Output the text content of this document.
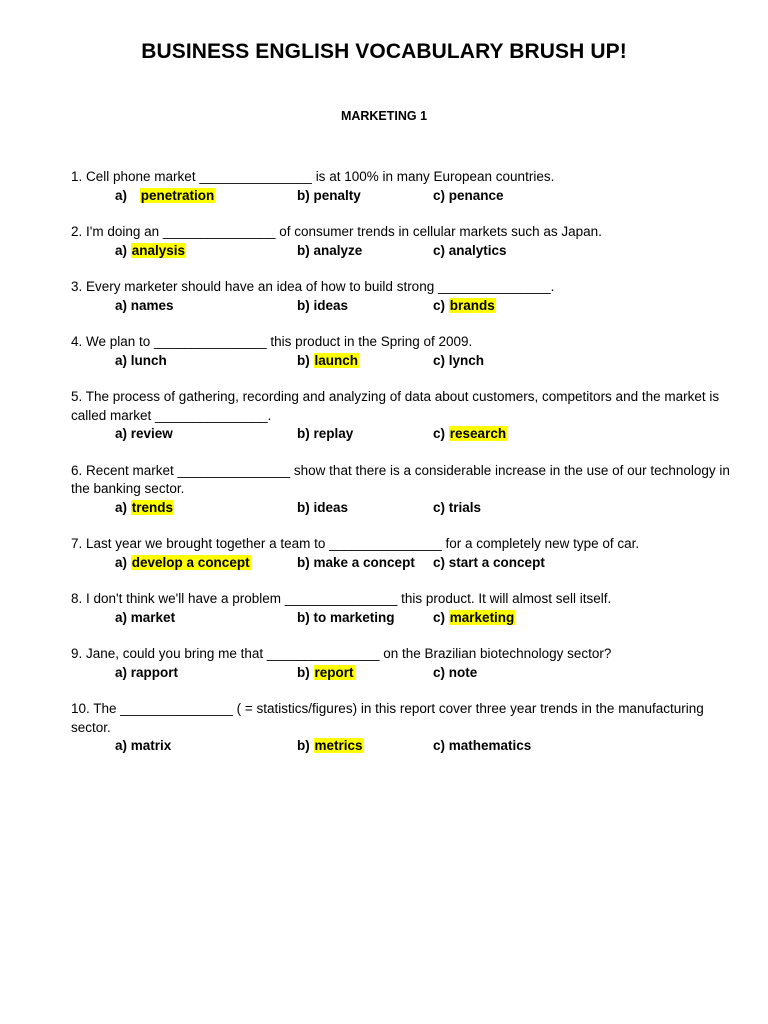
BUSINESS ENGLISH VOCABULARY BRUSH UP!
MARKETING 1

1. Cell phone market _______________ is at 100% in many European countries.

a) penetration	b) penalty	c) penance

2. I'm doing an _______________ of consumer trends in cellular markets such as Japan.

a) analysis	b) analyze	c) analytics

3. Every marketer should have an idea of how to build strong _______________.

a) names	b) ideas	c) brands

4. We plan to _______________ this product in the Spring of 2009.

a) lunch	b) launch	c) lynch

5. The process of gathering, recording and analyzing of data about customers, competitors and the market is called market _______________.

a) review	b) replay	c) research

6. Recent market _______________ show that there is a considerable increase in the use of our technology in the banking sector.

a) trends	b) ideas	c) trials

7. Last year we brought together a team to _______________ for a completely new type of car.

a) develop a concept	b) make a concept c) start a concept

8. I don't think we'll have a problem _______________ this product. It will almost sell itself.

a) market	b) to marketing	c) marketing

9. Jane, could you bring me that _______________ on the Brazilian biotechnology sector?

a) rapport	b) report	c) note

10. The _______________ ( = statistics/figures) in this report cover three year trends in the manufacturing sector.

a) matrix	b) metrics	c) mathematics
